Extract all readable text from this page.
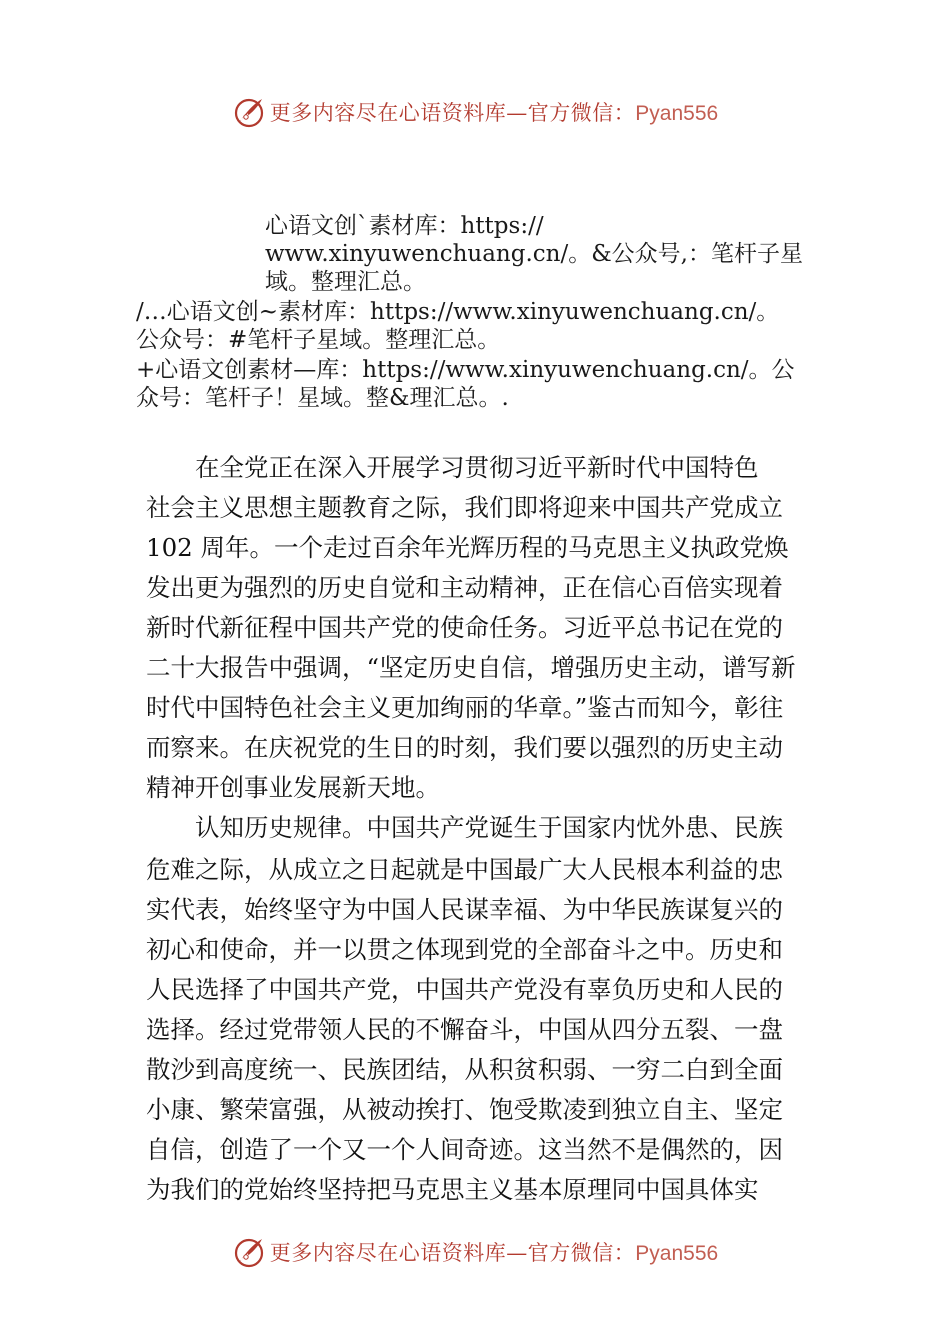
更多内容尽在心语资料库—官方微信：Pyan556
心语文创`素材库：https://
www.xinyuwenchuang.cn/。&公众号,：笔杆子星
域。整理汇总。
/…心语文创~素材库：https://www.xinyuwenchuang.cn/。
公众号：#笔杆子星域。整理汇总。
+心语文创素材—库：https://www.xinyuwenchuang.cn/。公
众号：笔杆子！星域。整&理汇总。.
　　在全党正在深入开展学习贯彻习近平新时代中国特色
社会主义思想主题教育之际，我们即将迎来中国共产党成立
102 周年。一个走过百余年光辉历程的马克思主义执政党焕
发出更为强烈的历史自觉和主动精神，正在信心百倍实现着
新时代新征程中国共产党的使命任务。习近平总书记在党的
二十大报告中强调，“坚定历史自信，增强历史主动，谱写新
时代中国特色社会主义更加绚丽的华章。”鉴古而知今，彰往
而察来。在庆祝党的生日的时刻，我们要以强烈的历史主动
精神开创事业发展新天地。
　　认知历史规律。中国共产党诞生于国家内忧外患、民族
危难之际，从成立之日起就是中国最广大人民根本利益的忠
实代表，始终坚守为中国人民谋幸福、为中华民族谋复兴的
初心和使命，并一以贯之体现到党的全部奋斗之中。历史和
人民选择了中国共产党，中国共产党没有辜负历史和人民的
选择。经过党带领人民的不懈奋斗，中国从四分五裂、一盘
散沙到高度统一、民族团结，从积贫积弱、一穷二白到全面
小康、繁荣富强，从被动挨打、饱受欺凌到独立自主、坚定
自信，创造了一个又一个人间奇迹。这当然不是偶然的，因
为我们的党始终坚持把马克思主义基本原理同中国具体实
更多内容尽在心语资料库—官方微信：Pyan556
